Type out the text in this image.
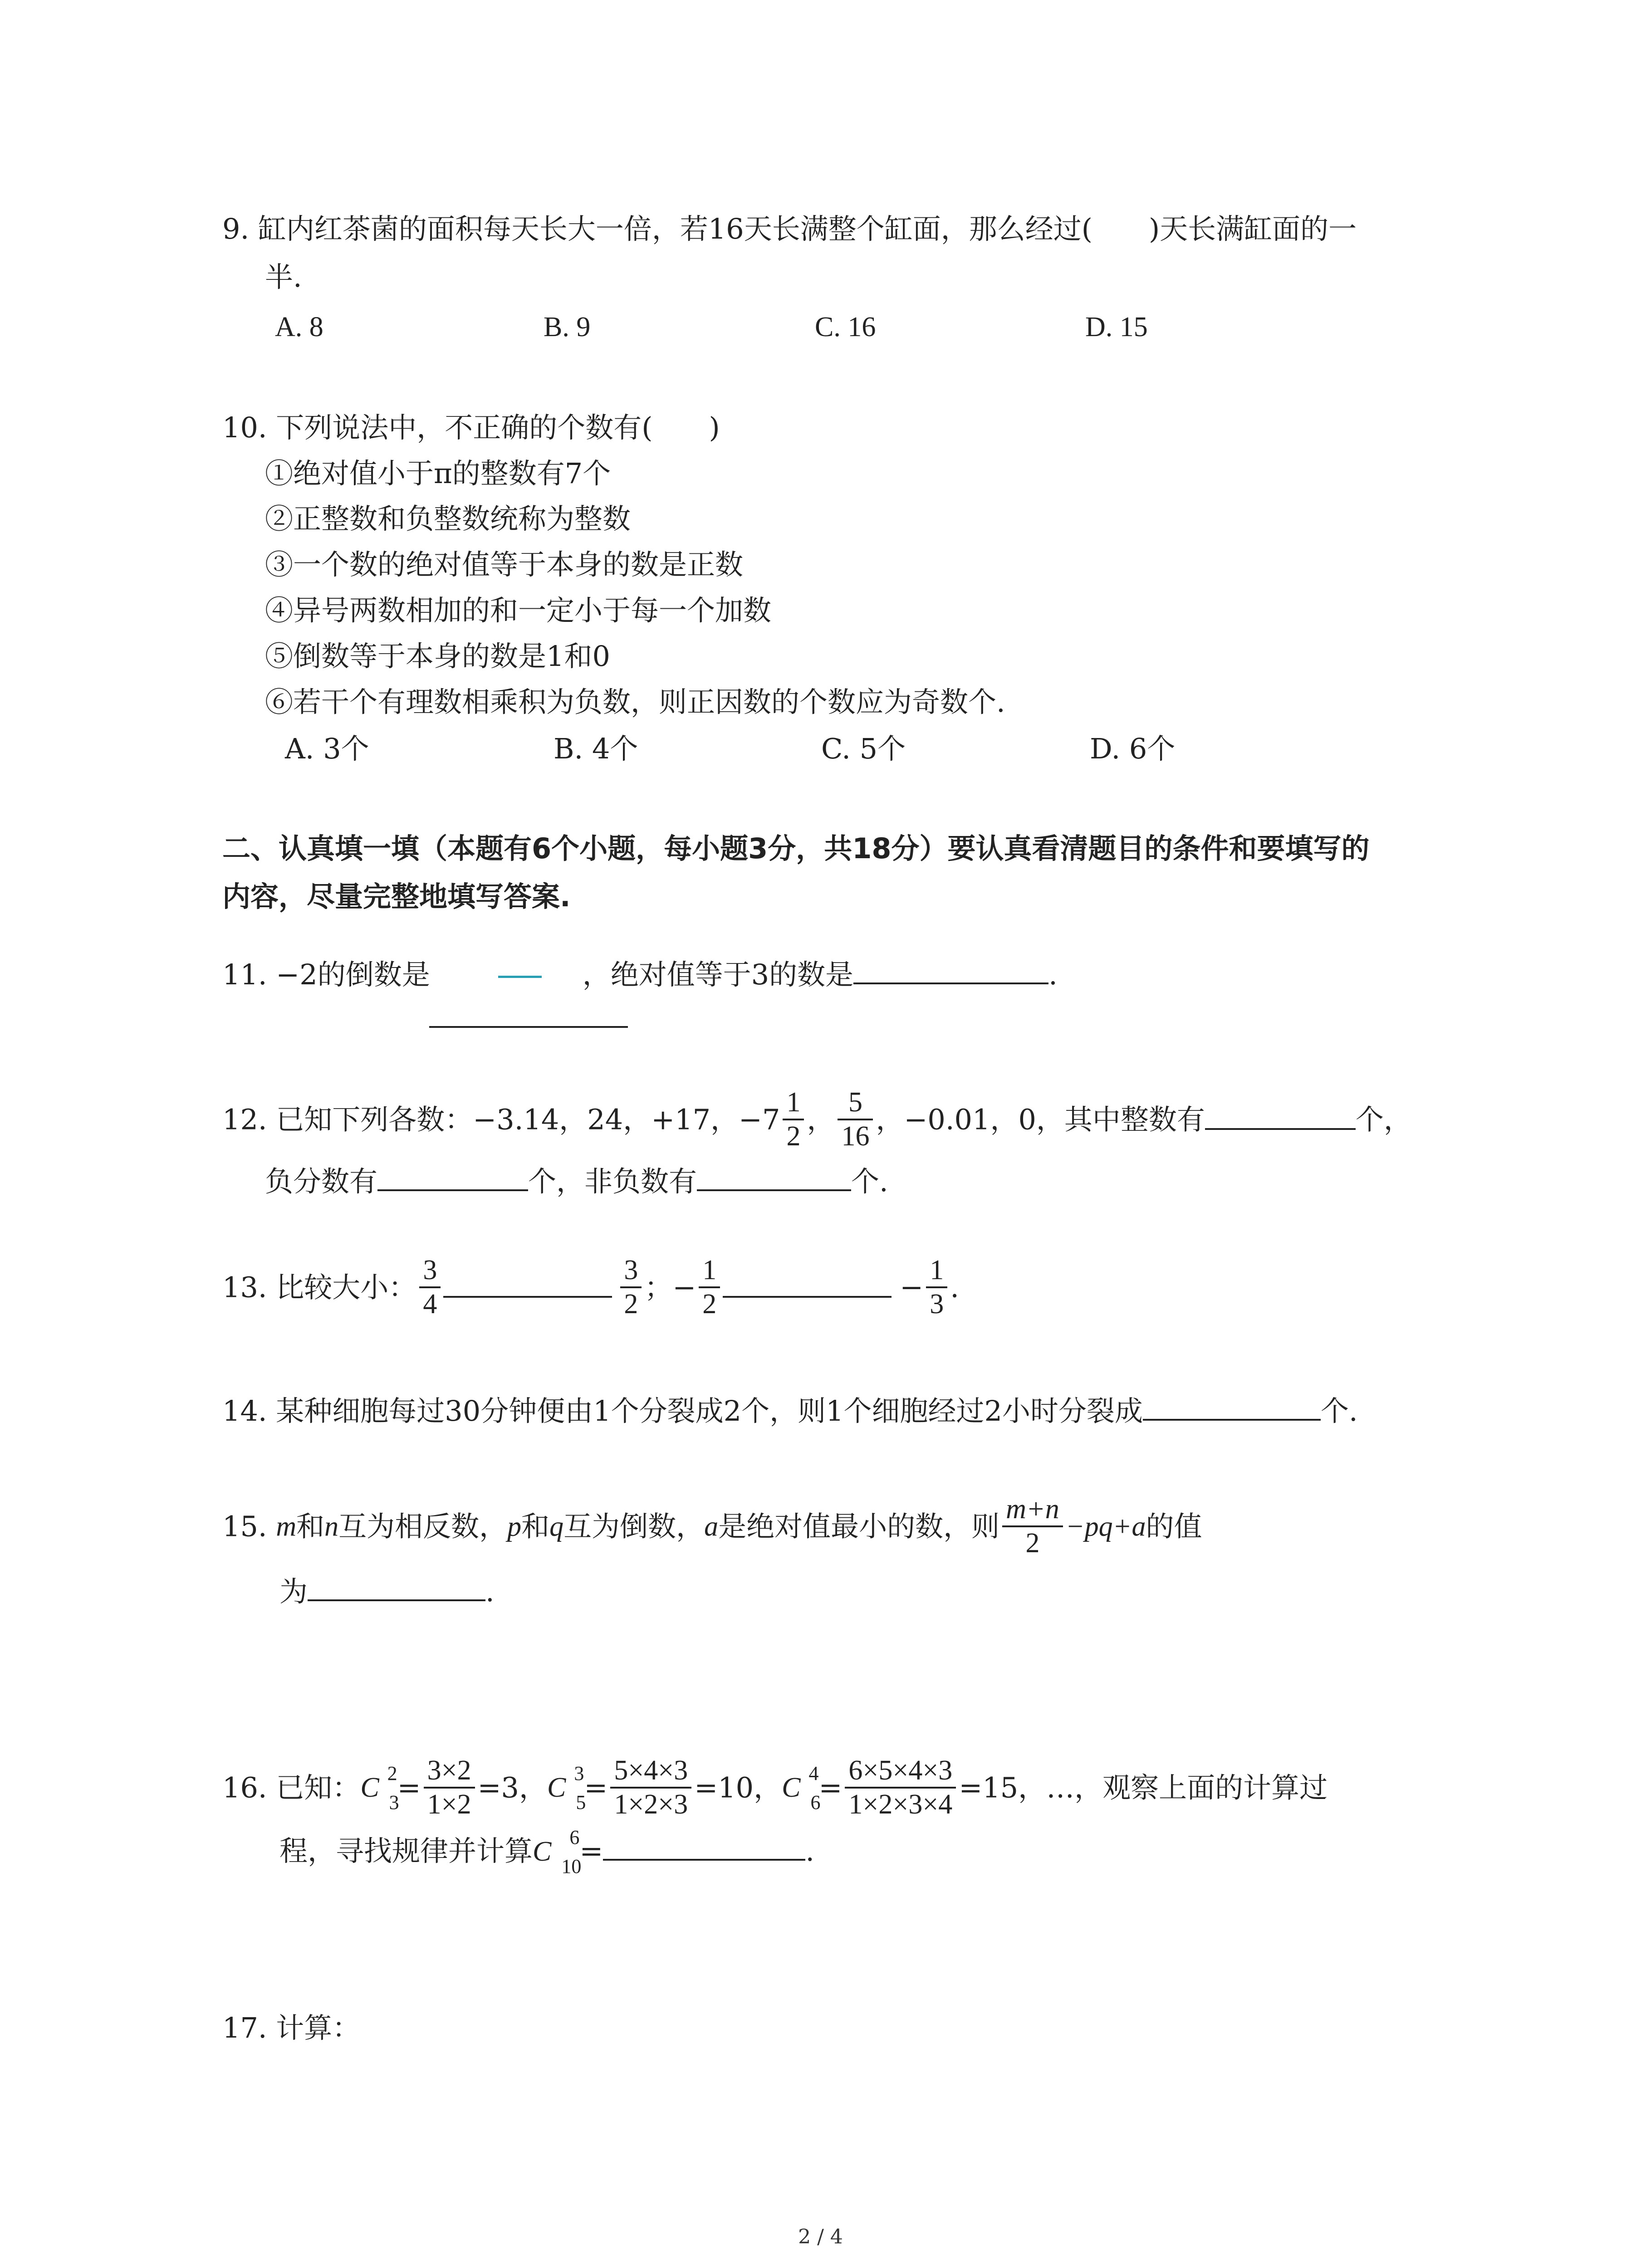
9. 缸内红茶菌的面积每天长大一倍，若16天长满整个缸面，那么经过(　　)天长满缸面的一
半.
A. 8	B. 9	C. 16	D. 15
10. 下列说法中，不正确的个数有(　　)
①绝对值小于π的整数有7个
②正整数和负整数统称为整数
③一个数的绝对值等于本身的数是正数
④异号两数相加的和一定小于每一个加数
⑤倒数等于本身的数是1和0
⑥若干个有理数相乘积为负数，则正因数的个数应为奇数个.
A. 3个	B. 4个	C. 5个	D. 6个
二、认真填一填（本题有6个小题，每小题3分，共18分）要认真看清题目的条件和要填写的
内容，尽量完整地填写答案.
11. −2的倒数是	，绝对值等于3的数是	.
12. 已知下列各数：−3.14，24，+17，$-7 \frac{1}{2}$ ， $\frac{5}{16}$ ，−0.01，0，其中整数有	个，
负分数有	个，非负数有	个.
13. 比较大小： $\frac{3}{4}$	$\frac{3}{2}$ ；− $\frac{1}{2}$	− $\frac{1}{3}$ .
14. 某种细胞每过30分钟便由1个分裂成2个，则1个细胞经过2小时分裂成	个.
15. m和n互为相反数，p和q互为倒数，a是绝对值最小的数，则 $\frac{m+n}{2} -pq+a$的值
为	.
16. 已知：C 2
3
= $\frac{3\times 2}{1\times 2} =3$，C 3
5
= $\frac{5\times 4\times 3}{1\times 2\times 3} =10$，C 4
6
= $\frac{6\times 5\times 4\times 3}{1\times 2\times 3\times 4} =15$，…，观察上面的计算过
程，寻找规律并计算C 6
10
=	.
17. 计算：
2 / 4
